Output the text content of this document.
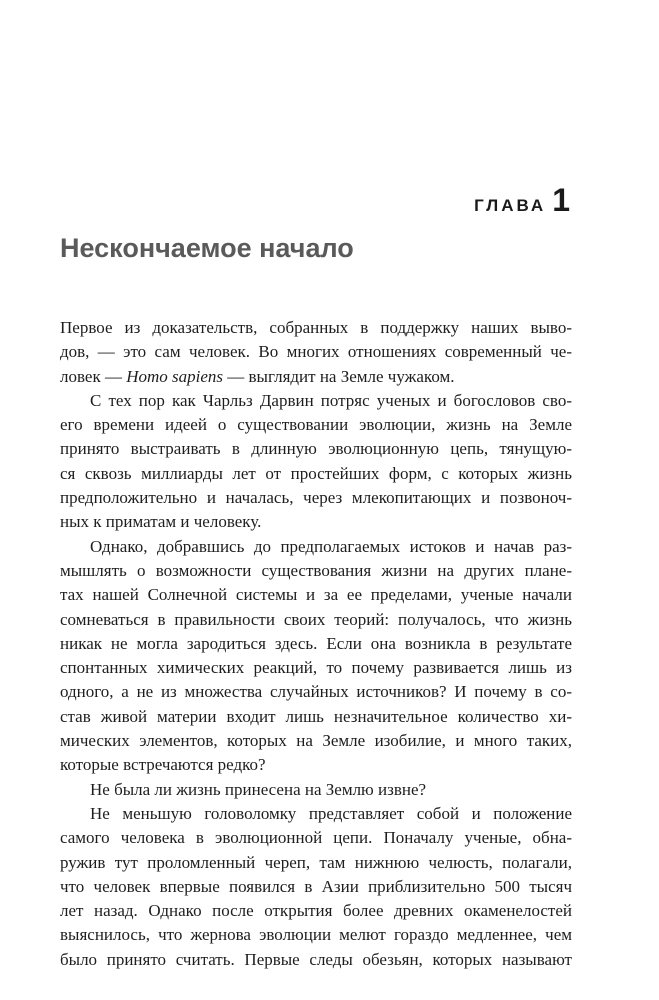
ГЛАВА 1
Нескончаемое начало

Первое из доказательств, собранных в поддержку наших выво-
дов, — это сам человек. Во многих отношениях современный че-
ловек — Homo sapiens — выглядит на Земле чужаком.

С тех пор как Чарльз Дарвин потряс ученых и богословов сво-
его времени идеей о существовании эволюции, жизнь на Земле
принято выстраивать в длинную эволюционную цепь, тянущую-
ся сквозь миллиарды лет от простейших форм, с которых жизнь
предположительно и началась, через млекопитающих и позвоноч-
ных к приматам и человеку.

Однако, добравшись до предполагаемых истоков и начав раз-
мышлять о возможности существования жизни на других плане-
тах нашей Солнечной системы и за ее пределами, ученые начали
сомневаться в правильности своих теорий: получалось, что жизнь
никак не могла зародиться здесь. Если она возникла в результате
спонтанных химических реакций, то почему развивается лишь из
одного, а не из множества случайных источников? И почему в со-
став живой материи входит лишь незначительное количество хи-
мических элементов, которых на Земле изобилие, и много таких,
которые встречаются редко?

Не была ли жизнь принесена на Землю извне?

Не меньшую головоломку представляет собой и положение
самого человека в эволюционной цепи. Поначалу ученые, обна-
ружив тут проломленный череп, там нижнюю челюсть, полагали,
что человек впервые появился в Азии приблизительно 500 тысяч
лет назад. Однако после открытия более древних окаменелостей
выяснилось, что жернова эволюции мелют гораздо медленнее, чем
было принято считать. Первые следы обезьян, которых называют
